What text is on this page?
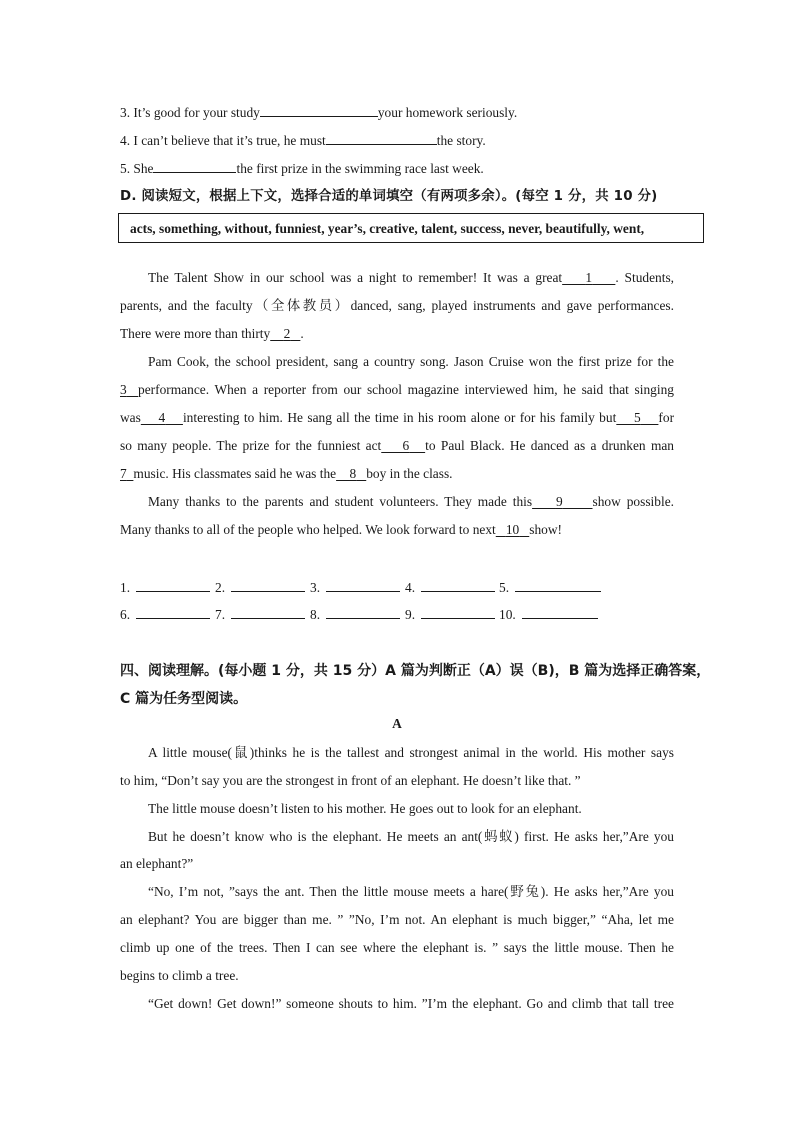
3. It’s good for your study	your homework seriously.
4. I can’t believe that it’s true, he must	the story.
5. She	the first prize in the swimming race last week.
D. 阅读短文，根据上下文，选择合适的单词填空（有两项多余）。(每空 1 分，共 10 分)
acts, something, without, funniest, year’s, creative, talent, success, never, beautifully, went,
The Talent Show in our school was a night to remember! It was a great 1 . Students,
parents, and the faculty（全体教员）danced, sang, played instruments and gave performances.
There were more than thirty 2 .
Pam Cook, the school president, sang a country song. Jason Cruise won the first prize for the
3 performance. When a reporter from our school magazine interviewed him, he said that singing
was 4 interesting to him. He sang all the time in his room alone or for his family but 5 for
so many people. The prize for the funniest act 6 to Paul Black. He danced as a drunken man
7 music. His classmates said he was the 8 boy in the class.
Many thanks to the parents and student volunteers. They made this 9 show possible.
Many thanks to all of the people who helped. We look forward to next 10 show!
1.	2.	3.	4.	5.
6.	7.	8.	9.	10.
四、阅读理解。(每小题 1 分，共 15 分）A 篇为判断正（A）误（B)，B 篇为选择正确答案，
C 篇为任务型阅读。
A
A little mouse(鼠)thinks he is the tallest and strongest animal in the world. His mother says
to him, “Don’t say you are the strongest in front of an elephant. He doesn’t like that. ”
The little mouse doesn’t listen to his mother. He goes out to look for an elephant.
But he doesn’t know who is the elephant. He meets an ant(蚂蚁) first. He asks her,”Are you
an elephant?”
“No, I’m not, ”says the ant. Then the little mouse meets a hare(野兔). He asks her,”Are you
an elephant? You are bigger than me. ” ”No, I’m not. An elephant is much bigger,” “Aha, let me
climb up one of the trees. Then I can see where the elephant is. ” says the little mouse. Then he
begins to climb a tree.
“Get down! Get down!” someone shouts to him. ”I’m the elephant. Go and climb that tall tree
